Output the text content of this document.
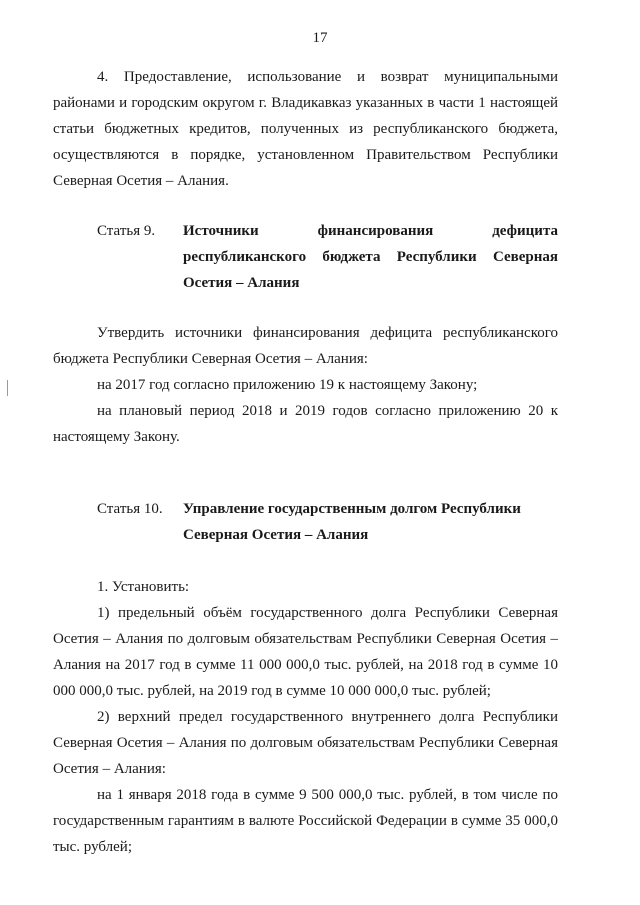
17

4. Предоставление, использование и возврат муниципальными районами и городским округом г. Владикавказ указанных в части 1 настоящей статьи бюджетных кредитов, полученных из республиканского бюджета, осуществляются в порядке, установленном Правительством Республики Северная Осетия – Алания.

Статья 9.	Источники финансирования дефицита республиканского бюджета Республики Северная Осетия – Алания

Утвердить источники финансирования дефицита республиканского бюджета Республики Северная Осетия – Алания:

на 2017 год согласно приложению 19 к настоящему Закону;

на плановый период 2018 и 2019 годов согласно приложению 20 к настоящему Закону.

Статья 10.	Управление государственным долгом Республики Северная Осетия – Алания

1. Установить:

1) предельный объём государственного долга Республики Северная Осетия – Алания по долговым обязательствам Республики Северная Осетия – Алания на 2017 год в сумме 11 000 000,0 тыс. рублей, на 2018 год в сумме 10 000 000,0 тыс. рублей, на 2019 год в сумме 10 000 000,0 тыс. рублей;

2) верхний предел государственного внутреннего долга Республики Северная Осетия – Алания по долговым обязательствам Республики Северная Осетия – Алания:

на 1 января 2018 года в сумме 9 500 000,0 тыс. рублей, в том числе по государственным гарантиям в валюте Российской Федерации в сумме 35 000,0 тыс. рублей;
